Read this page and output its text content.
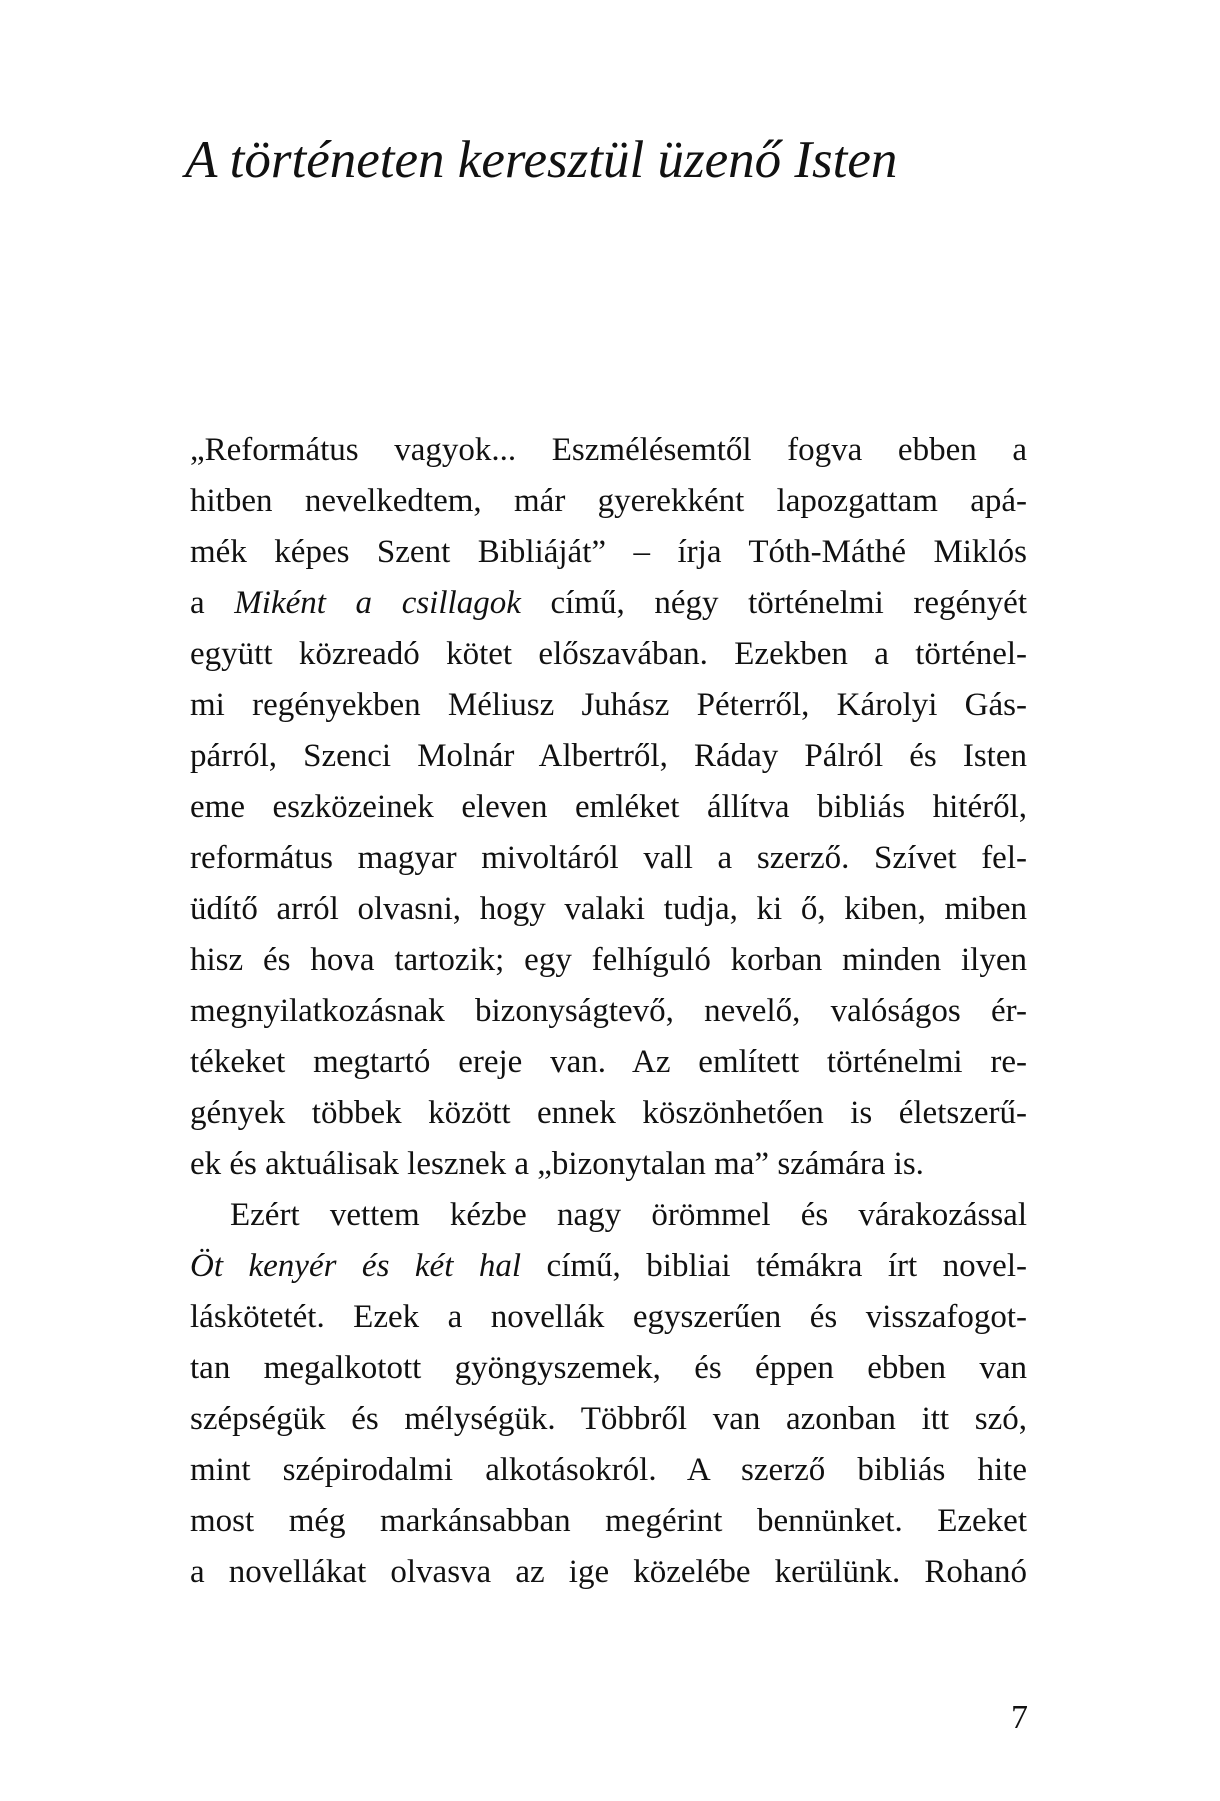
A történeten keresztül üzenő Isten
„Református vagyok... Eszmélésemtől fogva ebben a
hitben nevelkedtem, már gyerekként lapozgattam apá-
mék képes Szent Bibliáját” – írja Tóth-Máthé Miklós
a Miként a csillagok című, négy történelmi regényét
együtt közreadó kötet előszavában. Ezekben a történel-
mi regényekben Méliusz Juhász Péterről, Károlyi Gás-
párról, Szenci Molnár Albertről, Ráday Pálról és Isten
eme eszközeinek eleven emléket állítva bibliás hitéről,
református magyar mivoltáról vall a szerző. Szívet fel-
üdítő arról olvasni, hogy valaki tudja, ki ő, kiben, miben
hisz és hova tartozik; egy felhíguló korban minden ilyen
megnyilatkozásnak bizonyságtevő, nevelő, valóságos ér-
tékeket megtartó ereje van. Az említett történelmi re-
gények többek között ennek köszönhetően is életszerű-
ek és aktuálisak lesznek a „bizonytalan ma” számára is.
Ezért vettem kézbe nagy örömmel és várakozással
Öt kenyér és két hal című, bibliai témákra írt novel-
láskötetét. Ezek a novellák egyszerűen és visszafogot-
tan megalkotott gyöngyszemek, és éppen ebben van
szépségük és mélységük. Többről van azonban itt szó,
mint szépirodalmi alkotásokról. A szerző bibliás hite
most még markánsabban megérint bennünket. Ezeket
a novellákat olvasva az ige közelébe kerülünk. Rohanó
7
